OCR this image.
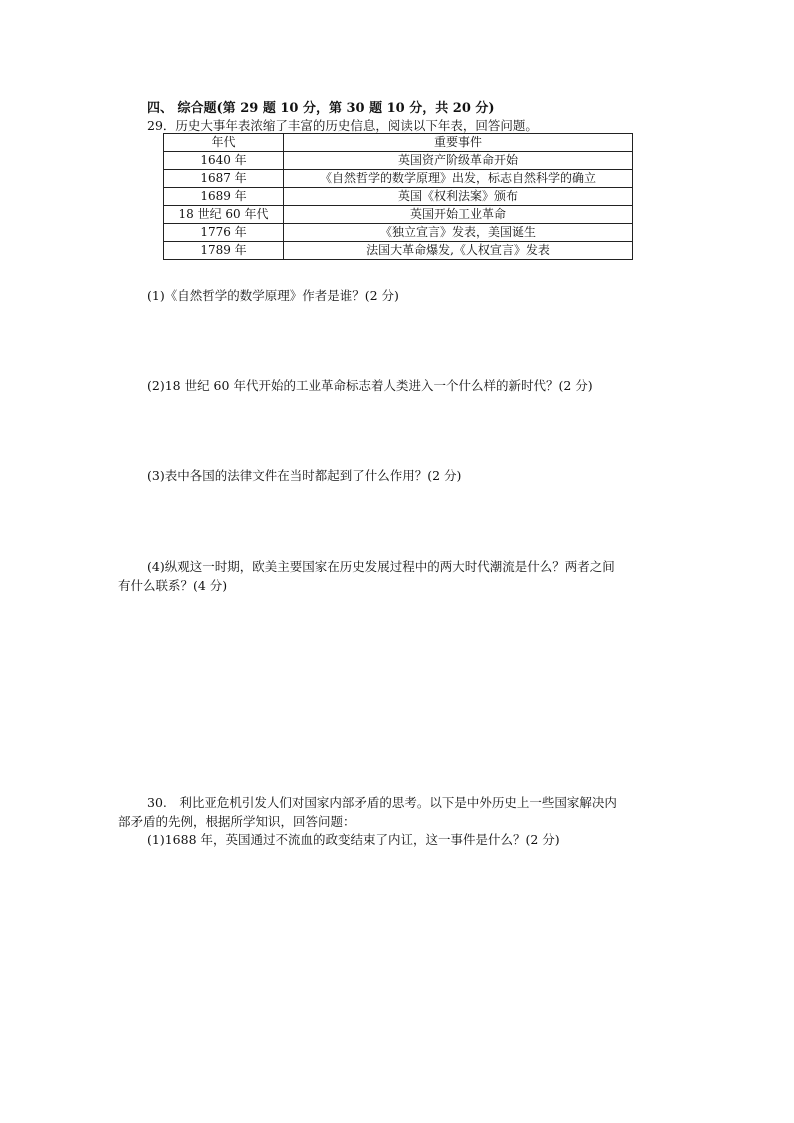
四、 综合题(第 29 题 10 分，第 30 题 10 分，共 20 分)
29．历史大事年表浓缩了丰富的历史信息，阅读以下年表，回答问题。
年代	重要事件
1640 年	英国资产阶级革命开始
1687 年	《自然哲学的数学原理》出发，标志自然科学的确立
1689 年	英国《权利法案》颁布
18 世纪 60 年代	英国开始工业革命
1776 年	《独立宣言》发表，美国诞生
1789 年	法国大革命爆发,《人权宣言》发表
(1)《自然哲学的数学原理》作者是谁？(2 分)
(2)18 世纪 60 年代开始的工业革命标志着人类进入一个什么样的新时代？(2 分)
(3)表中各国的法律文件在当时都起到了什么作用？(2 分)
(4)纵观这一时期，欧美主要国家在历史发展过程中的两大时代潮流是什么？两者之间
有什么联系？(4 分)
30.　利比亚危机引发人们对国家内部矛盾的思考。以下是中外历史上一些国家解决内
部矛盾的先例，根据所学知识，回答问题：
(1)1688 年，英国通过不流血的政变结束了内讧，这一事件是什么？(2 分)
